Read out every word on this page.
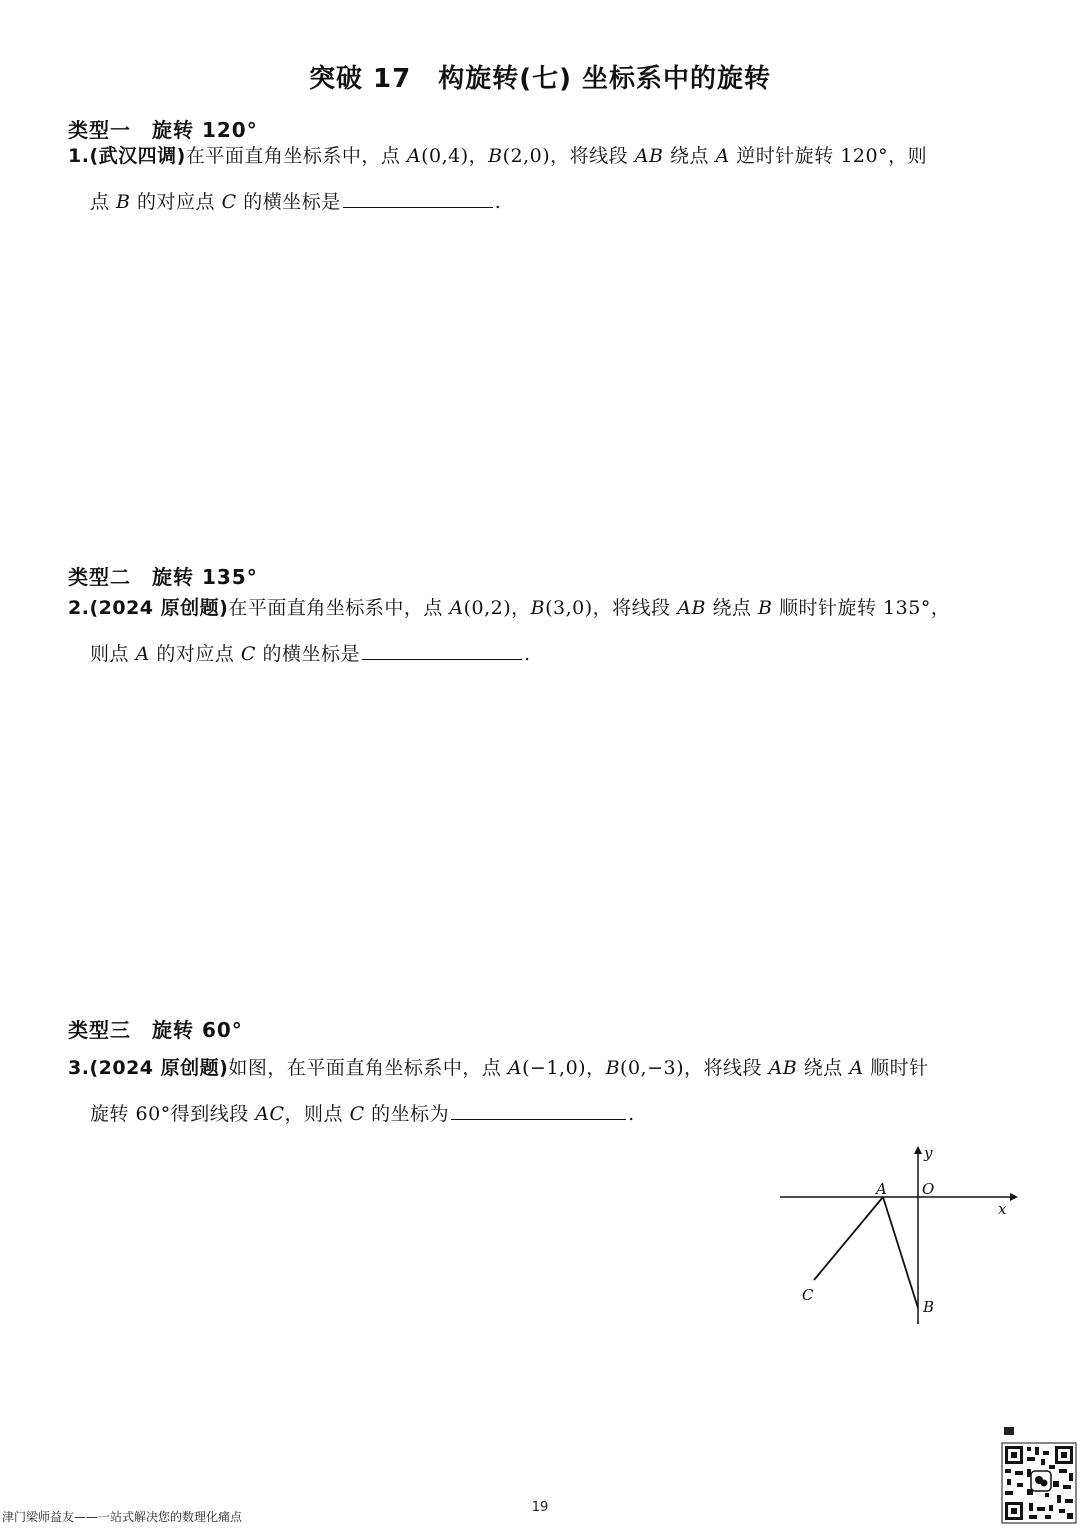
突破 17　构旋转(七) 坐标系中的旋转
类型一　旋转 120°
1.(武汉四调)在平面直角坐标系中，点 A(0,4)，B(2,0)，将线段 AB 绕点 A 逆时针旋转 120°，则
点 B 的对应点 C 的横坐标是	.
类型二　旋转 135°
2.(2024 原创题)在平面直角坐标系中，点 A(0,2)，B(3,0)，将线段 AB 绕点 B 顺时针旋转 135°，
则点 A 的对应点 C 的横坐标是	.
类型三　旋转 60°
3.(2024 原创题)如图，在平面直角坐标系中，点 A(−1,0)，B(0,−3)，将线段 AB 绕点 A 顺时针
旋转 60°得到线段 AC，则点 C 的坐标为	.
y
x
A O
B
C
津门梁师益友——一站式解决您的数理化痛点
19
